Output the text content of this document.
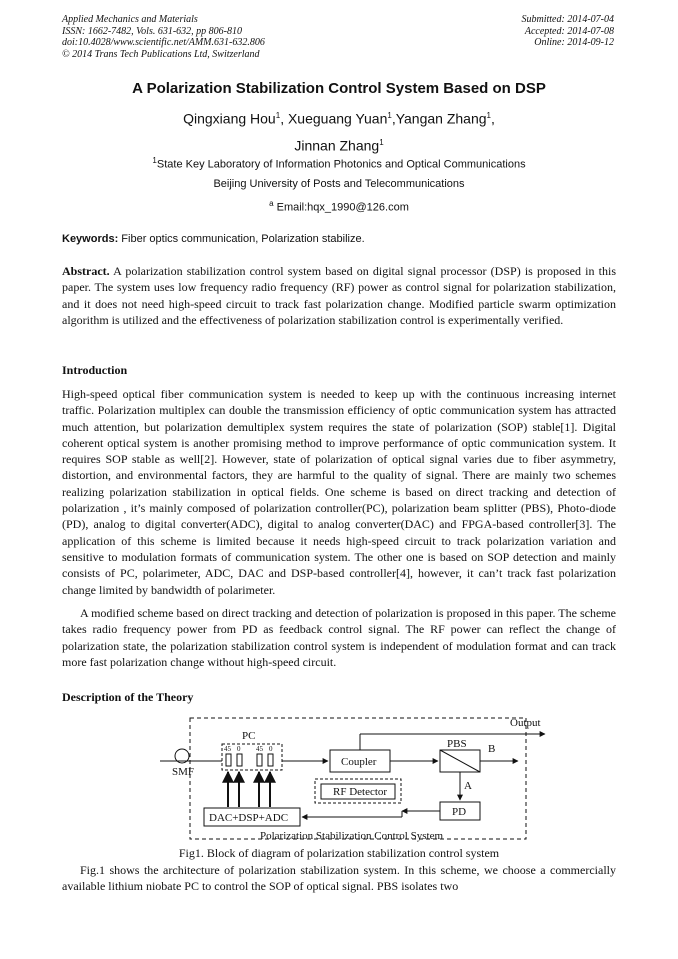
Applied Mechanics and Materials
ISSN: 1662-7482, Vols. 631-632, pp 806-810
doi:10.4028/www.scientific.net/AMM.631-632.806
© 2014 Trans Tech Publications Ltd, Switzerland
Submitted: 2014-07-04
Accepted: 2014-07-08
Online: 2014-09-12
A Polarization Stabilization Control System Based on DSP
Qingxiang Hou$^1$, Xueguang Yuan$^1$,Yangan Zhang$^1$,
Jinnan Zhang$^1$
$^1$State Key Laboratory of Information Photonics and Optical Communications
Beijing University of Posts and Telecommunications
$^a$ Email:hqx_1990@126.com
Keywords: Fiber optics communication, Polarization stabilize.
Abstract. A polarization stabilization control system based on digital signal processor (DSP) is proposed in this paper. The system uses low frequency radio frequency (RF) power as control signal for polarization stabilization, and it does not need high-speed circuit to track fast polarization change. Modified particle swarm optimization algorithm is utilized and the effectiveness of polarization stabilization control is experimentally verified.
Introduction
High-speed optical fiber communication system is needed to keep up with the continuous increasing internet traffic. Polarization multiplex can double the transmission efficiency of optic communication system has attracted much attention, but polarization demultiplex system requires the state of polarization (SOP) stable[1]. Digital coherent optical system is another promising method to improve performance of optic communication system. It requires SOP stable as well[2]. However, state of polarization of optical signal varies due to fiber asymmetry, distortion, and environmental factors, they are harmful to the quality of signal. There are mainly two schemes realizing polarization stabilization in optical fields. One scheme is based on direct tracking and detection of polarization , it’s mainly composed of polarization controller(PC), polarization beam splitter (PBS), Photo-diode (PD), analog to digital converter(ADC), digital to analog converter(DAC) and FPGA-based controller[3]. The application of this scheme is limited because it needs high-speed circuit to track polarization variation and sensitive to modulation formats of communication system. The other one is based on SOP detection and mainly consists of PC, polarimeter, ADC, DAC and DSP-based controller[4], however, it can’t track fast polarization change limited by bandwidth of polarimeter.
A modified scheme based on direct tracking and detection of polarization is proposed in this paper. The scheme takes radio frequency power from PD as feedback control signal. The RF power can reflect the change of polarization state, the polarization stabilization control system is independent of modulation format and can track more fast polarization change without high-speed circuit.
Description of the Theory
Polarization Stabilization Control System
SMF
PC
45 0 45 0
Coupler
Output
PBS B
A
PD
RF Detector
DAC+DSP+ADC
Fig1. Block of diagram of polarization stabilization control system
Fig.1 shows the architecture of polarization stabilization system. In this scheme, we choose a commercially available lithium niobate PC to control the SOP of optical signal. PBS isolates two
